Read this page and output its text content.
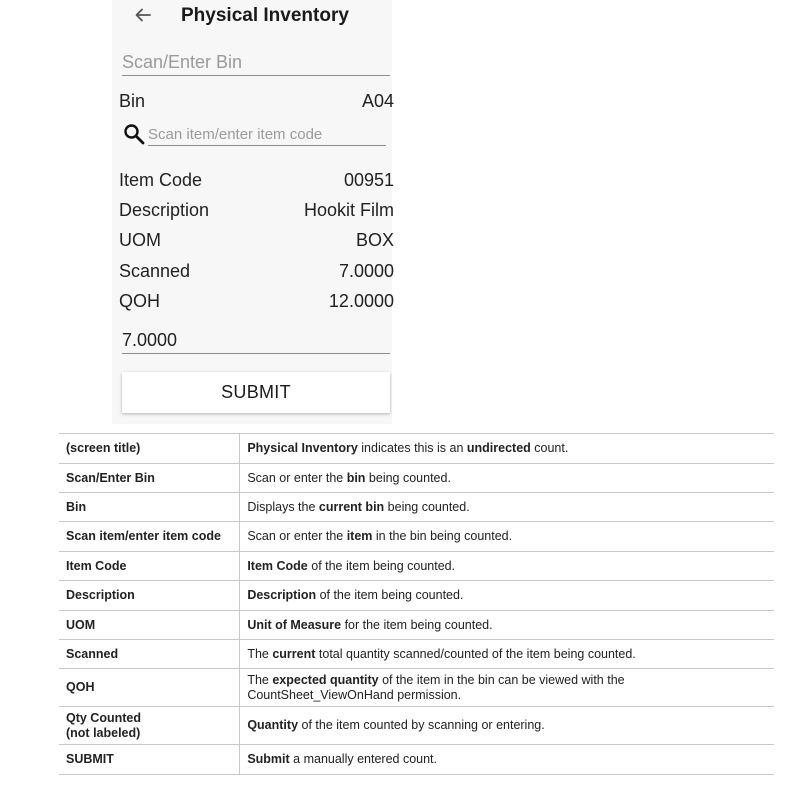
Physical Inventory
Scan/Enter Bin
Bin	A04
Scan item/enter item code
Item Code	00951
Description	Hookit Film
UOM	BOX
Scanned	7.0000
QOH	12.0000
7.0000
SUBMIT
(screen title)	Physical Inventory indicates this is an undirected count.
Scan/Enter Bin	Scan or enter the bin being counted.
Bin	Displays the current bin being counted.
Scan item/enter item code	Scan or enter the item in the bin being counted.
Item Code	Item Code of the item being counted.
Description	Description of the item being counted.
UOM	Unit of Measure for the item being counted.
Scanned	The current total quantity scanned/counted of the item being counted.
QOH	The expected quantity of the item in the bin can be viewed with the
CountSheet_ViewOnHand permission.
Qty Counted
(not labeled)	Quantity of the item counted by scanning or entering.
SUBMIT	Submit a manually entered count.
